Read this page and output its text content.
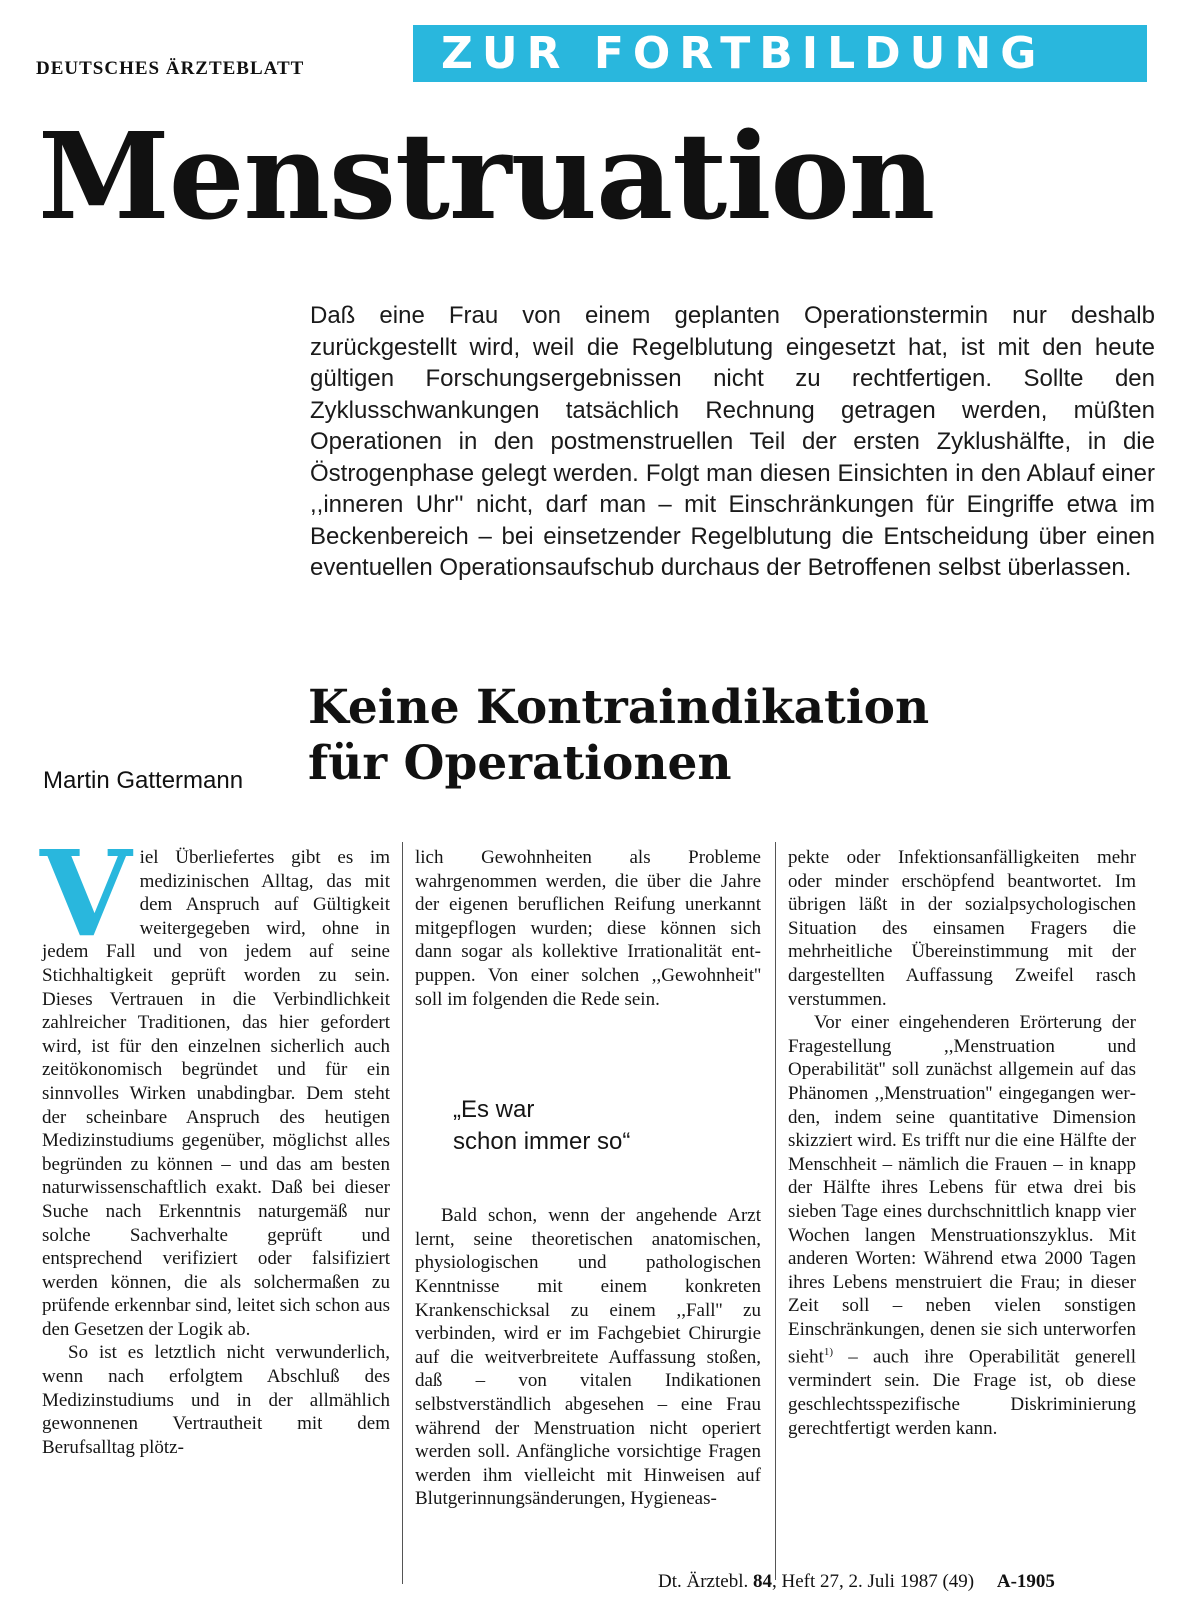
DEUTSCHES ÄRZTEBLATT	ZUR FORTBILDUNG
Menstruation
Daß eine Frau von einem geplanten Operationstermin nur deshalb zurückgestellt wird, weil die Regelblutung eingesetzt hat, ist mit den heute gültigen Forschungsergebnissen nicht zu rechtfertigen. Sollte den Zyklusschwankungen tatsächlich Rechnung getragen werden, müßten Operationen in den postmenstruellen Teil der ersten Zyklushälfte, in die Östrogenphase gelegt werden. Folgt man diesen Einsichten in den Ablauf einer ,,inneren Uhr'' nicht, darf man – mit Einschränkungen für Eingriffe etwa im Beckenbereich – bei einsetzender Regelblutung die Entscheidung über einen eventuellen Operationsaufschub durchaus der Betroffenen selbst überlassen.
Keine Kontraindikation
für Operationen
Martin Gattermann

Viel Überliefertes gibt es im medizinischen Alltag, das mit dem Anspruch auf Gültigkeit weitergegeben wird, ohne in jedem Fall und von jedem auf seine Stichhaltigkeit geprüft worden zu sein. Dieses Vertrauen in die Verbindlichkeit zahlreicher Traditionen, das hier gefordert wird, ist für den einzelnen sicherlich auch zeitökonomisch begründet und für ein sinnvolles Wirken unabdingbar. Dem steht der scheinbare Anspruch des heutigen Medizinstudiums gegenüber, möglichst alles begründen zu können – und das am besten naturwissenschaftlich exakt. Daß bei dieser Suche nach Erkenntnis naturgemäß nur solche Sachverhalte geprüft und entsprechend verifiziert oder falsifiziert werden können, die als solchermaßen zu prüfende erkennbar sind, leitet sich schon aus den Gesetzen der Logik ab.

So ist es letztlich nicht verwunderlich, wenn nach erfolgtem Abschluß des Medizinstudiums und in der allmählich gewonnenen Vertrautheit mit dem Berufsalltag plötz-

lich Gewohnheiten als Probleme wahrgenommen werden, die über die Jahre der eigenen beruflichen Reifung unerkannt mitgepflogen wurden; diese können sich dann sogar als kollektive Irrationalität entpuppen. Von einer solchen ,,Gewohnheit'' soll im folgenden die Rede sein.

„Es war
schon immer so“

Bald schon, wenn der angehende Arzt lernt, seine theoretischen anatomischen, physiologischen und pathologischen Kenntnisse mit einem konkreten Krankenschicksal zu einem ,,Fall'' zu verbinden, wird er im Fachgebiet Chirurgie auf die weitverbreitete Auffassung stoßen, daß – von vitalen Indikationen selbstverständlich abgesehen – eine Frau während der Menstruation nicht operiert werden soll. Anfängliche vorsichtige Fragen werden ihm vielleicht mit Hinweisen auf Blutgerinnungsänderungen, Hygieneas-

pekte oder Infektionsanfälligkeiten mehr oder minder erschöpfend beantwortet. Im übrigen läßt in der sozialpsychologischen Situation des einsamen Fragers die mehrheitliche Übereinstimmung mit der dargestellten Auffassung Zweifel rasch verstummen.

Vor einer eingehenderen Erörterung der Fragestellung ,,Menstruation und Operabilität'' soll zunächst allgemein auf das Phänomen ,,Menstruation'' eingegangen werden, indem seine quantitative Dimension skizziert wird. Es trifft nur die eine Hälfte der Menschheit – nämlich die Frauen – in knapp der Hälfte ihres Lebens für etwa drei bis sieben Tage eines durchschnittlich knapp vier Wochen langen Menstruationszyklus. Mit anderen Worten: Während etwa 2000 Tagen ihres Lebens menstruiert die Frau; in dieser Zeit soll – neben vielen sonstigen Einschränkungen, denen sie sich unterworfen sieht$^{1)}$ – auch ihre Operabilität generell vermindert sein. Die Frage ist, ob diese geschlechtsspezifische Diskriminierung gerechtfertigt werden kann.

Dt. Ärztebl. 84, Heft 27, 2. Juli 1987 (49) A-1905
